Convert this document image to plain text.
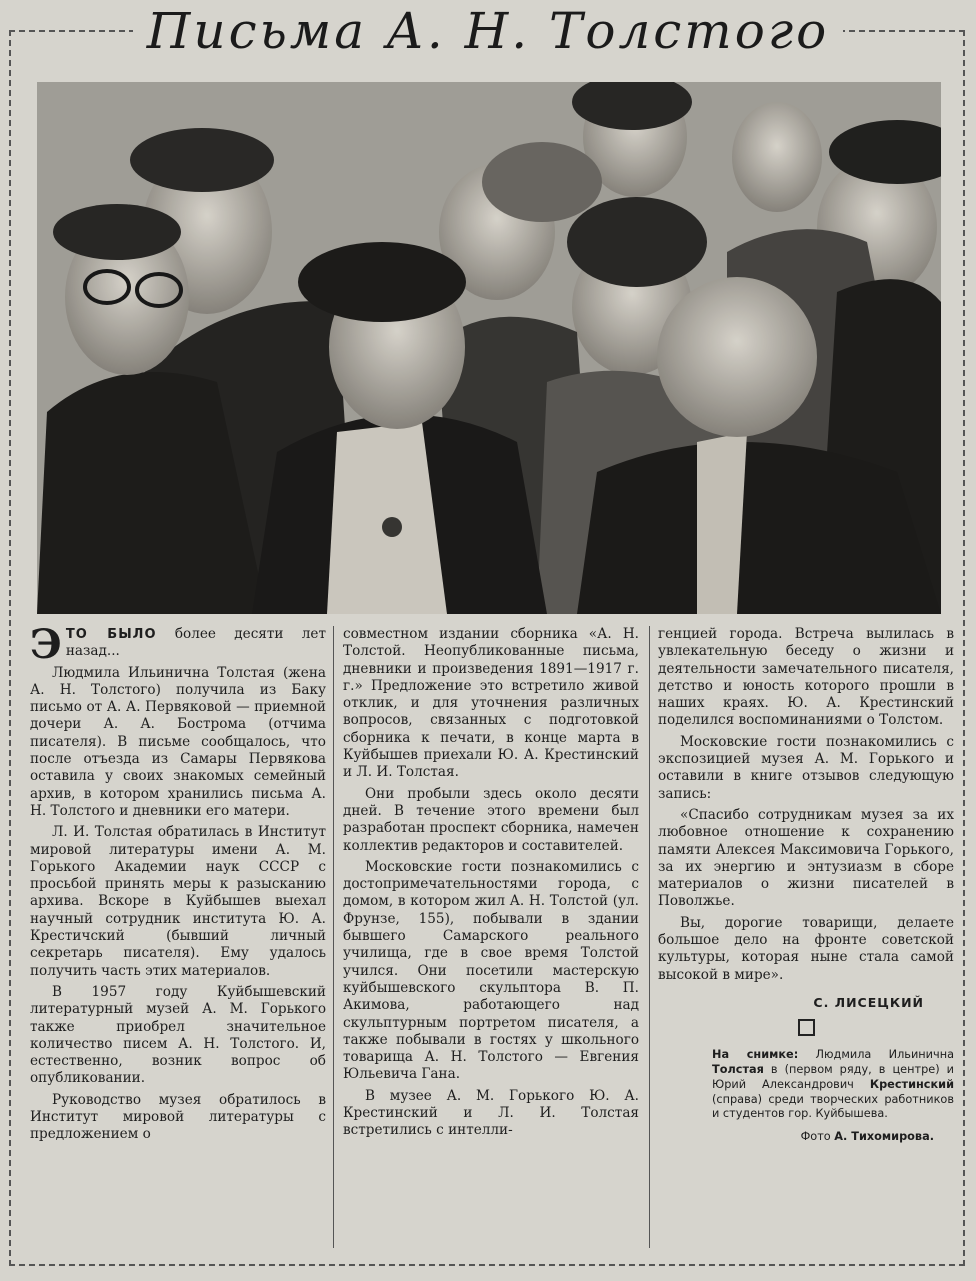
Письма А. Н. Толстого

ЭТО БЫЛО более десяти лет назад...

Людмила Ильинична Толстая (жена А. Н. Толстого) получила из Баку письмо от А. А. Первяковой — приемной дочери А. А. Бострома (отчима писателя). В письме сообщалось, что после отъезда из Самары Первякова оставила у своих знакомых семейный архив, в котором хранились письма А. Н. Толстого и дневники его матери.

Л. И. Толстая обратилась в Институт мировой литературы имени А. М. Горького Академии наук СССР с просьбой принять меры к разысканию архива. Вскоре в Куйбышев выехал научный сотрудник института Ю. А. Крестичский (бывший личный секретарь писателя). Ему удалось получить часть этих материалов.

В 1957 году Куйбышевский литературный музей А. М. Горького также приобрел значительное количество писем А. Н. Толстого. И, естественно, возник вопрос об опубликовании.

Руководство музея обратилось в Институт мировой литературы с предложением о

совместном издании сборника «А. Н. Толстой. Неопубликованные письма, дневники и произведения 1891—1917 г. г.» Предложение это встретило живой отклик, и для уточнения различных вопросов, связанных с подготовкой сборника к печати, в конце марта в Куйбышев приехали Ю. А. Крестинский и Л. И. Толстая.

Они пробыли здесь около десяти дней. В течение этого времени был разработан проспект сборника, намечен коллектив редакторов и составителей.

Московские гости познакомились с достопримечательностями города, с домом, в котором жил А. Н. Толстой (ул. Фрунзе, 155), побывали в здании бывшего Самарского реального училища, где в свое время Толстой учился. Они посетили мастерскую куйбышевского скульптора В. П. Акимова, работающего над скульптурным портретом писателя, а также побывали в гостях у школьного товарища А. Н. Толстого — Евгения Юльевича Гана.

В музее А. М. Горького Ю. А. Крестинский и Л. И. Толстая встретились с интелли-

генцией города. Встреча вылилась в увлекательную беседу о жизни и деятельности замечательного писателя, детство и юность которого прошли в наших краях. Ю. А. Крестинский поделился воспоминаниями о Толстом.

Московские гости познакомились с экспозицией музея А. М. Горького и оставили в книге отзывов следующую запись:

«Спасибо сотрудникам музея за их любовное отношение к сохранению памяти Алексея Максимовича Горького, за их энергию и энтузиазм в сборе материалов о жизни писателей в Поволжье.

Вы, дорогие товарищи, делаете большое дело на фронте советской культуры, которая ныне стала самой высокой в мире».

С. ЛИСЕЦКИЙ
На снимке: Людмила Ильинична Толстая в (первом ряду, в центре) и Юрий Александрович Крестинский (справа) среди творческих работников и студентов гор. Куйбышева.
Фото А. Тихомирова.
